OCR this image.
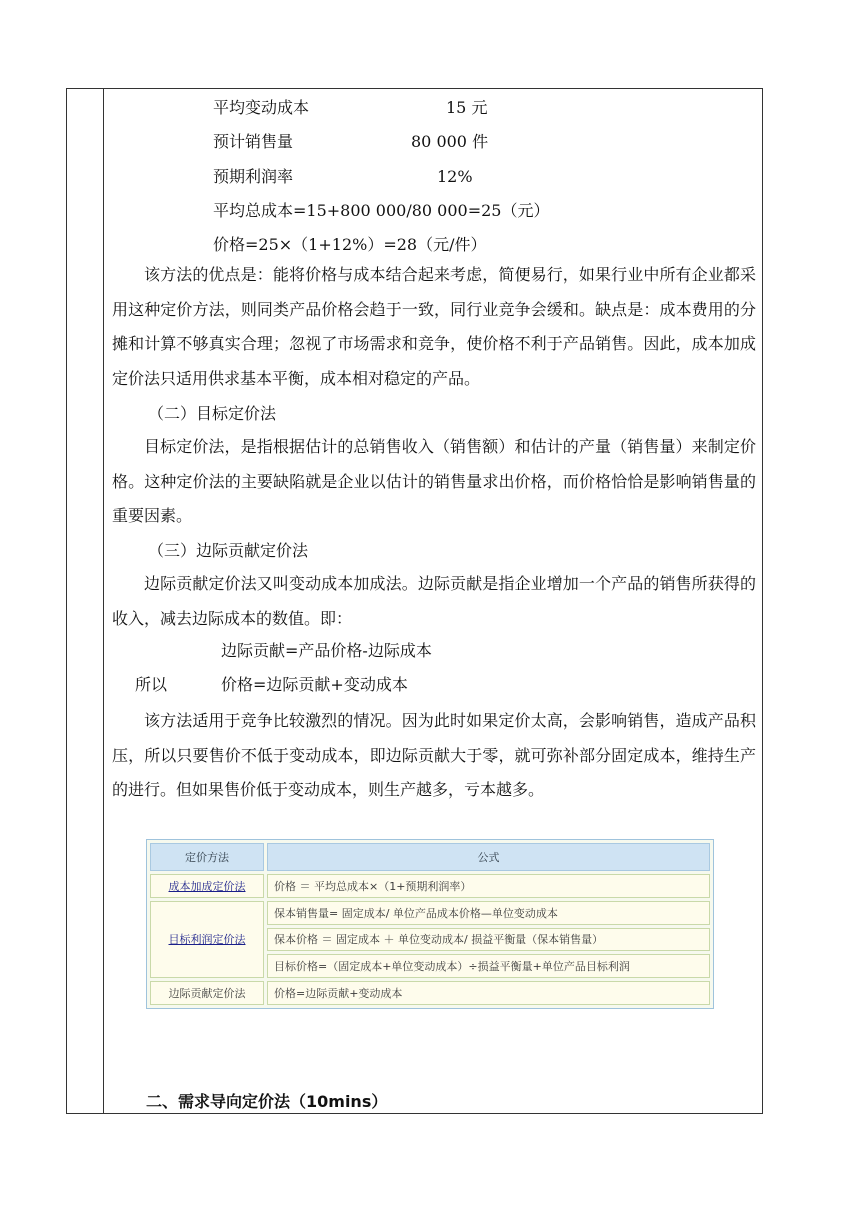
平均变动成本	15 元
预计销售量	80 000 件
预期利润率	12%
平均总成本=15+800 000/80 000=25（元）
价格=25×（1+12%）=28（元/件）
该方法的优点是：能将价格与成本结合起来考虑，简便易行，如果行业中所有企业都采用这种定价方法，则同类产品价格会趋于一致，同行业竞争会缓和。缺点是：成本费用的分摊和计算不够真实合理；忽视了市场需求和竞争，使价格不利于产品销售。因此，成本加成定价法只适用供求基本平衡，成本相对稳定的产品。
（二）目标定价法
目标定价法，是指根据估计的总销售收入（销售额）和估计的产量（销售量）来制定价格。这种定价法的主要缺陷就是企业以估计的销售量求出价格，而价格恰恰是影响销售量的重要因素。
（三）边际贡献定价法
边际贡献定价法又叫变动成本加成法。边际贡献是指企业增加一个产品的销售所获得的收入，减去边际成本的数值。即：
边际贡献=产品价格-边际成本
所以	价格=边际贡献+变动成本
该方法适用于竞争比较激烈的情况。因为此时如果定价太高，会影响销售，造成产品积压，所以只要售价不低于变动成本，即边际贡献大于零，就可弥补部分固定成本，维持生产的进行。但如果售价低于变动成本，则生产越多，亏本越多。
定价方法	公式
成本加成定价法	价格 ＝ 平均总成本×（1+预期利润率）
目标利润定价法	保本销售量= 固定成本/ 单位产品成本价格—单位变动成本
	保本价格 ＝ 固定成本 ＋ 单位变动成本/ 损益平衡量（保本销售量）
	目标价格=（固定成本+单位变动成本）÷损益平衡量+单位产品目标利润
边际贡献定价法	价格=边际贡献+变动成本
二、需求导向定价法（10mins）
